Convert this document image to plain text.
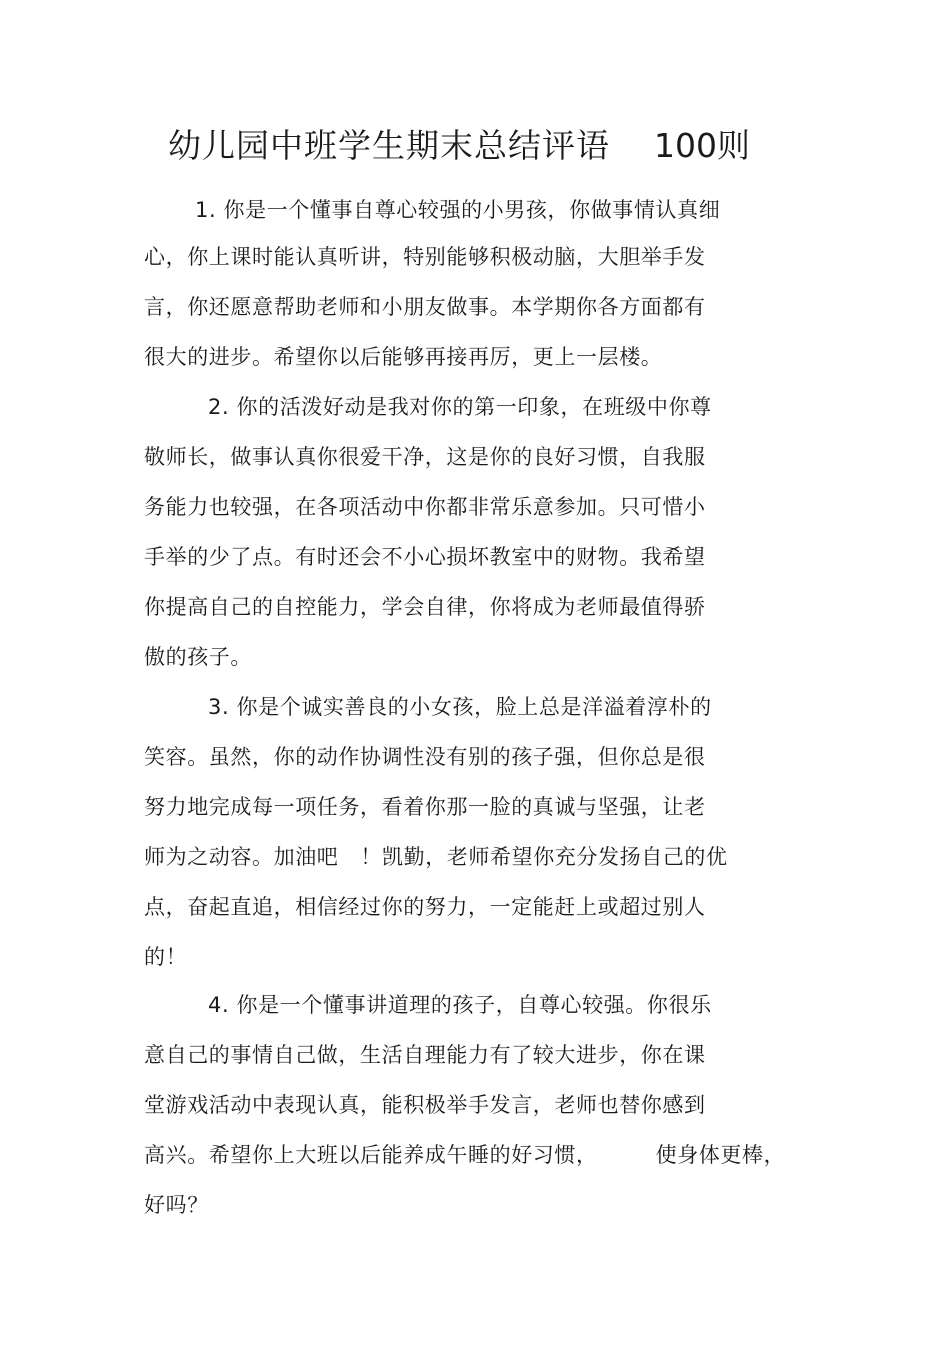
幼儿园中班学生期末总结评语 100则
1. 你是一个懂事自尊心较强的小男孩，你做事情认真细
心，你上课时能认真听讲，特别能够积极动脑，大胆举手发
言，你还愿意帮助老师和小朋友做事。本学期你各方面都有
很大的进步。希望你以后能够再接再厉，更上一层楼。
2. 你的活泼好动是我对你的第一印象，在班级中你尊
敬师长，做事认真你很爱干净，这是你的良好习惯，自我服
务能力也较强，在各项活动中你都非常乐意参加。只可惜小
手举的少了点。有时还会不小心损坏教室中的财物。我希望
你提高自己的自控能力，学会自律，你将成为老师最值得骄
傲的孩子。
3. 你是个诚实善良的小女孩，脸上总是洋溢着淳朴的
笑容。虽然，你的动作协调性没有别的孩子强，但你总是很
努力地完成每一项任务，看着你那一脸的真诚与坚强，让老
师为之动容。加油吧 ！凯勤，老师希望你充分发扬自己的优
点，奋起直追，相信经过你的努力，一定能赶上或超过别人
的！
4. 你是一个懂事讲道理的孩子，自尊心较强。你很乐
意自己的事情自己做，生活自理能力有了较大进步，你在课
堂游戏活动中表现认真，能积极举手发言，老师也替你感到
高兴。希望你上大班以后能养成午睡的好习惯，	使身体更棒，
好吗？
